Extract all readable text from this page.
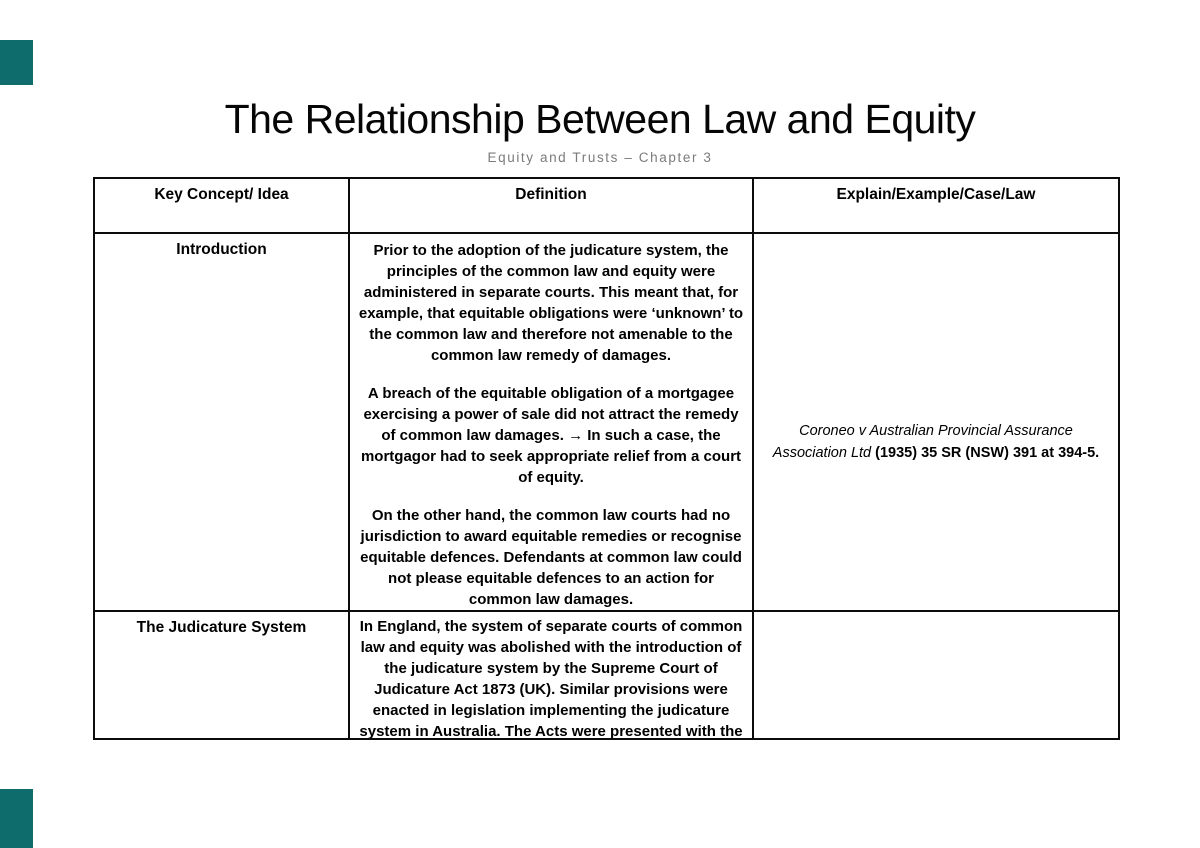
The Relationship Between Law and Equity
Equity and Trusts – Chapter 3
Key Concept/ Idea	Definition	Explain/Example/Case/Law
Introduction	Prior to the adoption of the judicature system, the principles of the common law and equity were administered in separate courts. This meant that, for example, that equitable obligations were ‘unknown’ to the common law and therefore not amenable to the common law remedy of damages.

A breach of the equitable obligation of a mortgagee exercising a power of sale did not attract the remedy of common law damages. → In such a case, the mortgagor had to seek appropriate relief from a court of equity.

On the other hand, the common law courts had no jurisdiction to award equitable remedies or recognise equitable defences. Defendants at common law could not please equitable defences to an action for common law damages.	Coroneo v Australian Provincial Assurance Association Ltd (1935) 35 SR (NSW) 391 at 394-5.

The Judicature System	In England, the system of separate courts of common law and equity was abolished with the introduction of the judicature system by the Supreme Court of Judicature Act 1873 (UK). Similar provisions were enacted in legislation implementing the judicature system in Australia. The Acts were presented with the	
